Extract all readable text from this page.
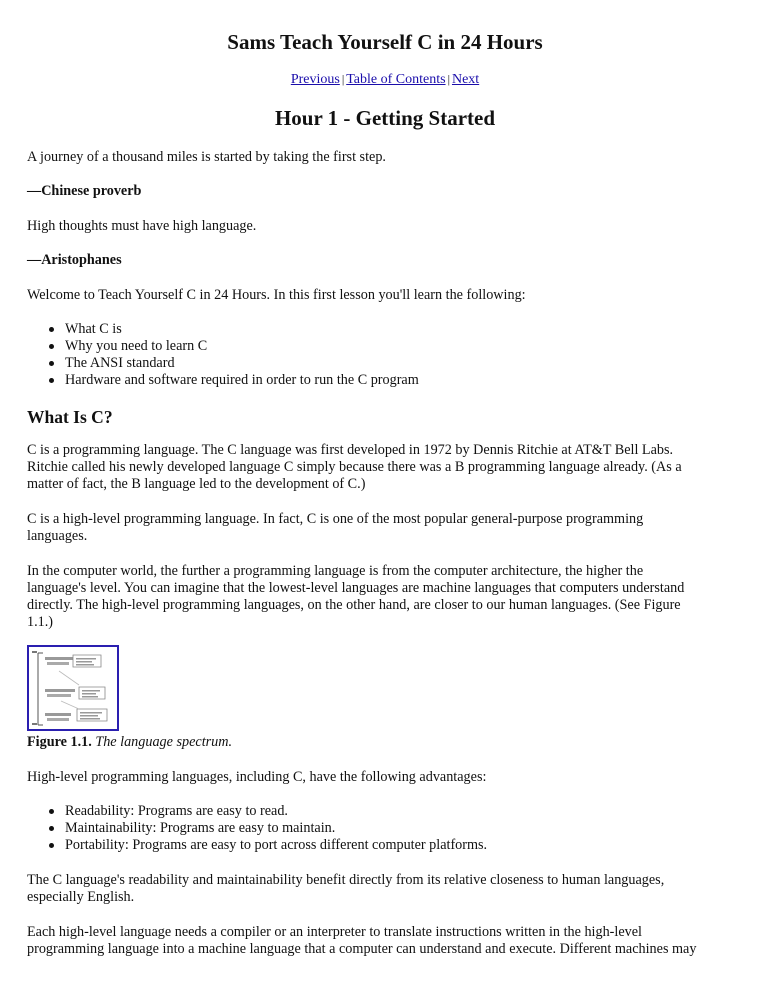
Sams Teach Yourself C in 24 Hours
Previous | Table of Contents | Next
Hour 1 - Getting Started

A journey of a thousand miles is started by taking the first step.

—Chinese proverb

High thoughts must have high language.

—Aristophanes

Welcome to Teach Yourself C in 24 Hours. In this first lesson you'll learn the following:

What C is
Why you need to learn C
The ANSI standard
Hardware and software required in order to run the C program
What Is C?

C is a programming language. The C language was first developed in 1972 by Dennis Ritchie at AT&T Bell Labs.

Ritchie called his newly developed language C simply because there was a B programming language already. (As a

matter of fact, the B language led to the development of C.)

C is a high-level programming language. In fact, C is one of the most popular general-purpose programming

languages.

In the computer world, the further a programming language is from the computer architecture, the higher the

language's level. You can imagine that the lowest-level languages are machine languages that computers understand

directly. The high-level programming languages, on the other hand, are closer to our human languages. (See Figure

1.1.)

Figure 1.1. The language spectrum.

High-level programming languages, including C, have the following advantages:

Readability: Programs are easy to read.
Maintainability: Programs are easy to maintain.
Portability: Programs are easy to port across different computer platforms.

The C language's readability and maintainability benefit directly from its relative closeness to human languages,

especially English.

Each high-level language needs a compiler or an interpreter to translate instructions written in the high-level

programming language into a machine language that a computer can understand and execute. Different machines may
